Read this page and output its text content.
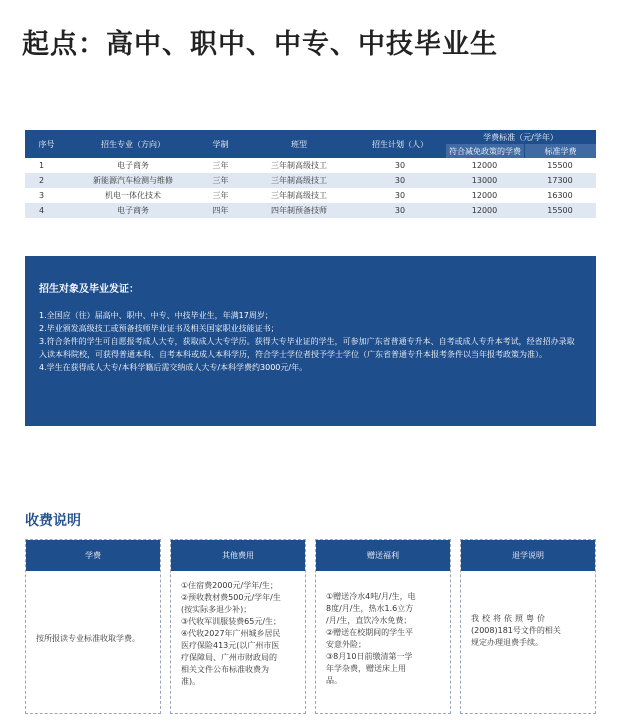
起点：高中、职中、中专、中技毕业生
序号	招生专业（方向）	学制	班型	招生计划（人）
学费标准（元/学年）
符合减免政策的学费	标准学费
1	电子商务	三年	三年制高级技工	30	12000	15500
2	新能源汽车检测与维修	三年	三年制高级技工	30	13000	17300
3	机电一体化技术	三年	三年制高级技工	30	12000	16300
4	电子商务	四年	四年制预备技师	30	12000	15500
招生对象及毕业发证：

1.全国应（往）届高中、职中、中专、中技毕业生，年满17周岁；

2.毕业颁发高级技工或预备技师毕业证书及相关国家职业技能证书；

3.符合条件的学生可自愿报考成人大专，获取成人大专学历。获得大专毕业证的学生，可参加广东省普通专升本、自考或成人专升本考试，经省招办录取入读本科院校，可获得普通本科、自考本科或成人本科学历，符合学士学位者授予学士学位（广东省普通专升本报考条件以当年报考政策为准）。

4.学生在获得成人大专/本科学籍后需交纳成人大专/本科学费约3000元/年。

收费说明
学费

按所报读专业标准收取学费。

其他费用

①住宿费2000元/学年/生；

②预收教材费500元/学年/生

(按实际多退少补)；

③代收军训服装费65元/生；

④代收2027年广州城乡居民

医疗保险413元(以广州市医

疗保障局、广州市财政局的

相关文件公布标准收费为

准)。

赠送福利

①赠送冷水4吨/月/生，电

8度/月/生，热水1.6立方

/月/生，直饮冷水免费；

②赠送在校期间的学生平

安意外险；

③8月10日前缴清第一学

年学杂费，赠送床上用

品。

退学说明

我校将依照粤价

(2008)181号文件的相关

规定办理退费手续。
